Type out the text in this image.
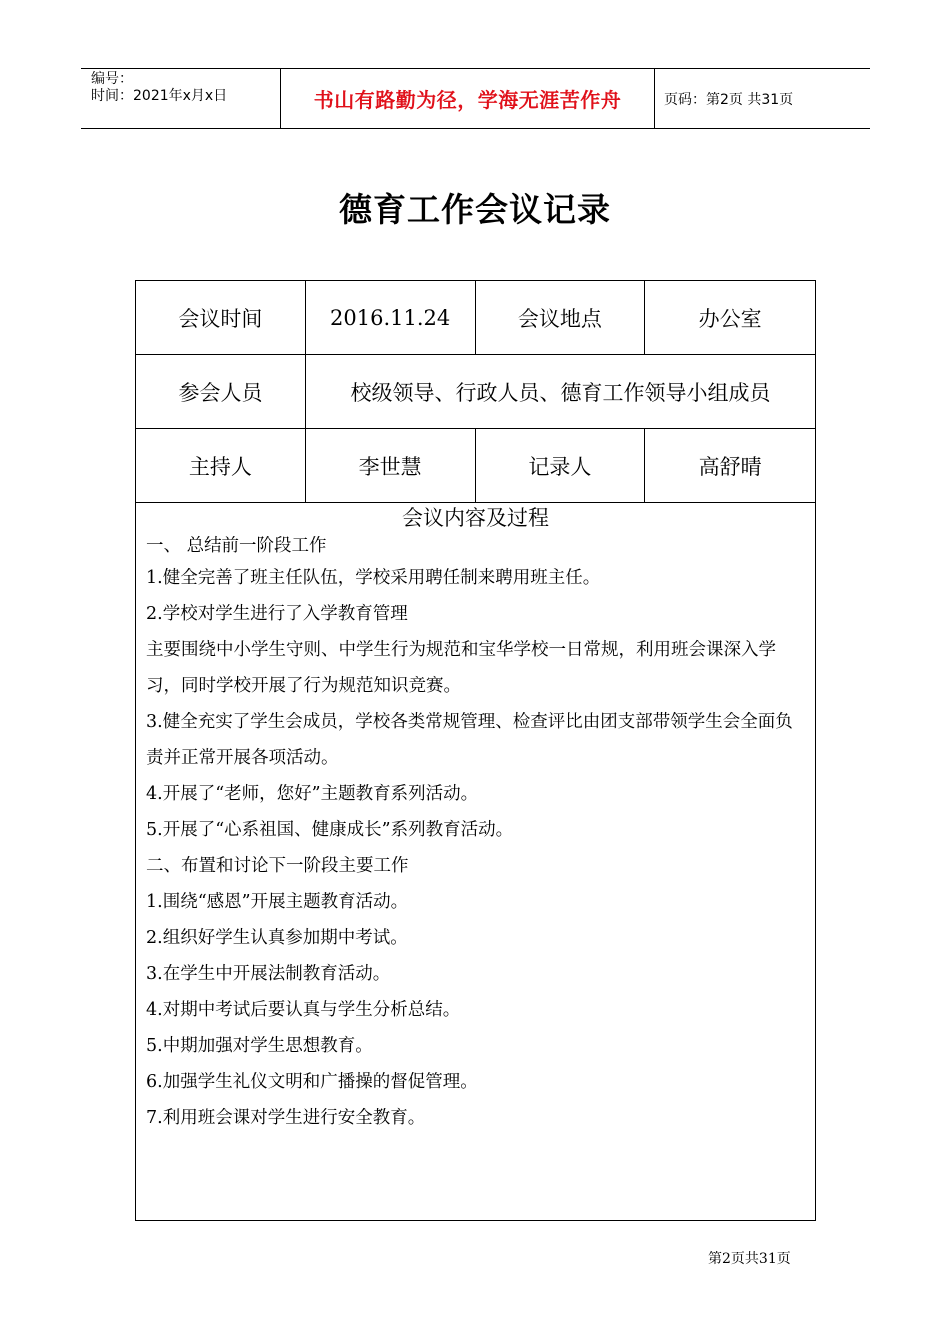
编号：
时间：2021年x月x日	书山有路勤为径，学海无涯苦作舟	页码：第2页 共31页
德育工作会议记录
会议时间	2016.11.24	会议地点	办公室
参会人员	校级领导、行政人员、德育工作领导小组成员
主持人	李世慧	记录人	高舒晴
会议内容及过程
一、 总结前一阶段工作
1.健全完善了班主任队伍，学校采用聘任制来聘用班主任。
2.学校对学生进行了入学教育管理
主要围绕中小学生守则、中学生行为规范和宝华学校一日常规，利用班会课深入学习，同时学校开展了行为规范知识竞赛。
3.健全充实了学生会成员，学校各类常规管理、检查评比由团支部带领学生会全面负责并正常开展各项活动。
4.开展了“老师，您好”主题教育系列活动。
5.开展了“心系祖国、健康成长”系列教育活动。
二、布置和讨论下一阶段主要工作
1.围绕“感恩”开展主题教育活动。
2.组织好学生认真参加期中考试。
3.在学生中开展法制教育活动。
4.对期中考试后要认真与学生分析总结。
5.中期加强对学生思想教育。
6.加强学生礼仪文明和广播操的督促管理。
7.利用班会课对学生进行安全教育。
第2页共31页
